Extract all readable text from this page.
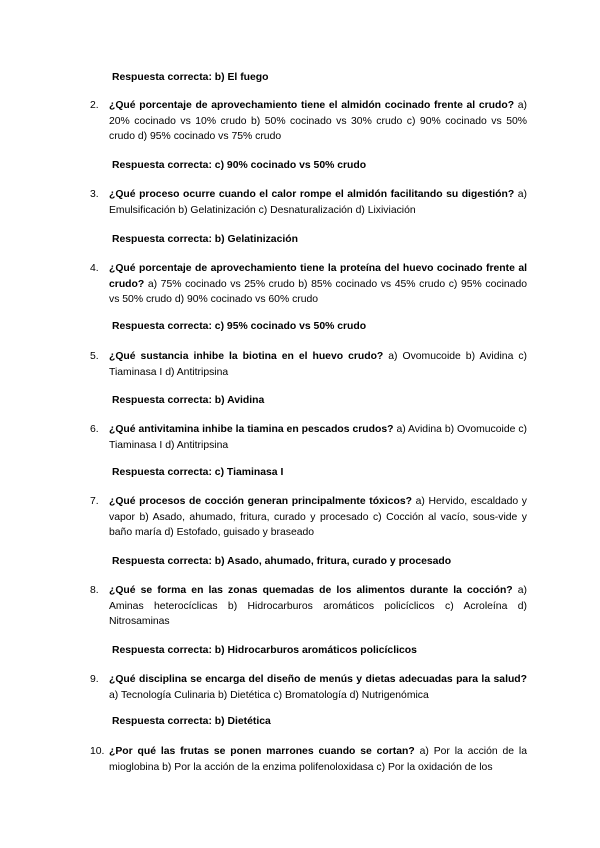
Respuesta correcta: b) El fuego
2. ¿Qué porcentaje de aprovechamiento tiene el almidón cocinado frente al crudo? a) 20% cocinado vs 10% crudo b) 50% cocinado vs 30% crudo c) 90% cocinado vs 50% crudo d) 95% cocinado vs 75% crudo
Respuesta correcta: c) 90% cocinado vs 50% crudo
3. ¿Qué proceso ocurre cuando el calor rompe el almidón facilitando su digestión? a) Emulsificación b) Gelatinización c) Desnaturalización d) Lixiviación
Respuesta correcta: b) Gelatinización
4. ¿Qué porcentaje de aprovechamiento tiene la proteína del huevo cocinado frente al crudo? a) 75% cocinado vs 25% crudo b) 85% cocinado vs 45% crudo c) 95% cocinado vs 50% crudo d) 90% cocinado vs 60% crudo
Respuesta correcta: c) 95% cocinado vs 50% crudo
5. ¿Qué sustancia inhibe la biotina en el huevo crudo? a) Ovomucoide b) Avidina c) Tiaminasa I d) Antitripsina
Respuesta correcta: b) Avidina
6. ¿Qué antivitamina inhibe la tiamina en pescados crudos? a) Avidina b) Ovomucoide c) Tiaminasa I d) Antitripsina
Respuesta correcta: c) Tiaminasa I
7. ¿Qué procesos de cocción generan principalmente tóxicos? a) Hervido, escaldado y vapor b) Asado, ahumado, fritura, curado y procesado c) Cocción al vacío, sous-vide y baño maría d) Estofado, guisado y braseado
Respuesta correcta: b) Asado, ahumado, fritura, curado y procesado
8. ¿Qué se forma en las zonas quemadas de los alimentos durante la cocción? a) Aminas heterocíclicas b) Hidrocarburos aromáticos policíclicos c) Acroleína d) Nitrosaminas
Respuesta correcta: b) Hidrocarburos aromáticos policíclicos
9. ¿Qué disciplina se encarga del diseño de menús y dietas adecuadas para la salud? a) Tecnología Culinaria b) Dietética c) Bromatología d) Nutrigenómica
Respuesta correcta: b) Dietética
10. ¿Por qué las frutas se ponen marrones cuando se cortan? a) Por la acción de la mioglobina b) Por la acción de la enzima polifenoloxidasa c) Por la oxidación de los
